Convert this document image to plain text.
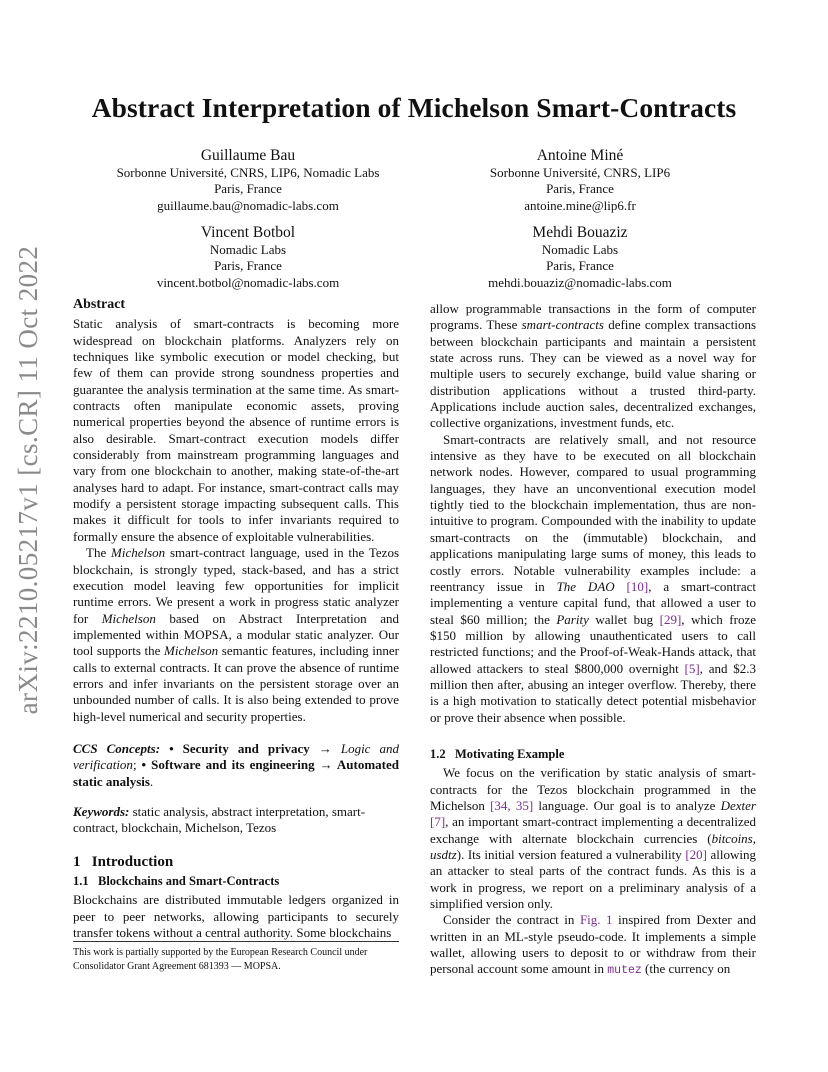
Abstract Interpretation of Michelson Smart-Contracts
Guillaume Bau
Sorbonne Université, CNRS, LIP6, Nomadic Labs
Paris, France
guillaume.bau@nomadic-labs.com
Antoine Miné
Sorbonne Université, CNRS, LIP6
Paris, France
antoine.mine@lip6.fr
Vincent Botbol
Nomadic Labs
Paris, France
vincent.botbol@nomadic-labs.com
Mehdi Bouaziz
Nomadic Labs
Paris, France
mehdi.bouaziz@nomadic-labs.com
arXiv:2210.05217v1 [cs.CR] 11 Oct 2022 Abstract

Static analysis of smart-contracts is becoming more widespread on blockchain platforms. Analyzers rely on techniques like symbolic execution or model checking, but few of them can provide strong soundness properties and guarantee the analysis termination at the same time. As smart-contracts often manipulate economic assets, proving numerical properties beyond the absence of runtime errors is also desirable. Smart-contract execution models differ considerably from mainstream programming languages and vary from one blockchain to another, making state-of-the-art analyses hard to adapt. For instance, smart-contract calls may modify a persistent storage impacting subsequent calls. This makes it difficult for tools to infer invariants required to formally ensure the absence of exploitable vulnerabilities.

The Michelson smart-contract language, used in the Tezos blockchain, is strongly typed, stack-based, and has a strict execution model leaving few opportunities for implicit runtime errors. We present a work in progress static analyzer for Michelson based on Abstract Interpretation and implemented within MOPSA, a modular static analyzer. Our tool supports the Michelson semantic features, including inner calls to external contracts. It can prove the absence of runtime errors and infer invariants on the persistent storage over an unbounded number of calls. It is also being extended to prove high-level numerical and security properties.

CCS Concepts: • Security and privacy → Logic and verification; • Software and its engineering → Automated static analysis.

Keywords: static analysis, abstract interpretation, smart-contract, blockchain, Michelson, Tezos

1   Introduction
1.1   Blockchains and Smart-Contracts

Blockchains are distributed immutable ledgers organized in peer to peer networks, allowing participants to securely transfer tokens without a central authority. Some blockchains

This work is partially supported by the European Research Council under Consolidator Grant Agreement 681393 — MOPSA.

allow programmable transactions in the form of computer programs. These smart-contracts define complex transactions between blockchain participants and maintain a persistent state across runs. They can be viewed as a novel way for multiple users to securely exchange, build value sharing or distribution applications without a trusted third-party. Applications include auction sales, decentralized exchanges, collective organizations, investment funds, etc.

Smart-contracts are relatively small, and not resource intensive as they have to be executed on all blockchain network nodes. However, compared to usual programming languages, they have an unconventional execution model tightly tied to the blockchain implementation, thus are non-intuitive to program. Compounded with the inability to update smart-contracts on the (immutable) blockchain, and applications manipulating large sums of money, this leads to costly errors. Notable vulnerability examples include: a reentrancy issue in The DAO [10], a smart-contract implementing a venture capital fund, that allowed a user to steal $60 million; the Parity wallet bug [29], which froze $150 million by allowing unauthenticated users to call restricted functions; and the Proof-of-Weak-Hands attack, that allowed attackers to steal $800,000 overnight [5], and $2.3 million then after, abusing an integer overflow. Thereby, there is a high motivation to statically detect potential misbehavior or prove their absence when possible.

1.2   Motivating Example

We focus on the verification by static analysis of smart-contracts for the Tezos blockchain programmed in the Michelson [34, 35] language. Our goal is to analyze Dexter [7], an important smart-contract implementing a decentralized exchange with alternate blockchain currencies (bitcoins, usdtz). Its initial version featured a vulnerability [20] allowing an attacker to steal parts of the contract funds. As this is a work in progress, we report on a preliminary analysis of a simplified version only.

Consider the contract in Fig. 1 inspired from Dexter and written in an ML-style pseudo-code. It implements a simple wallet, allowing users to deposit to or withdraw from their personal account some amount in mutez (the currency on
